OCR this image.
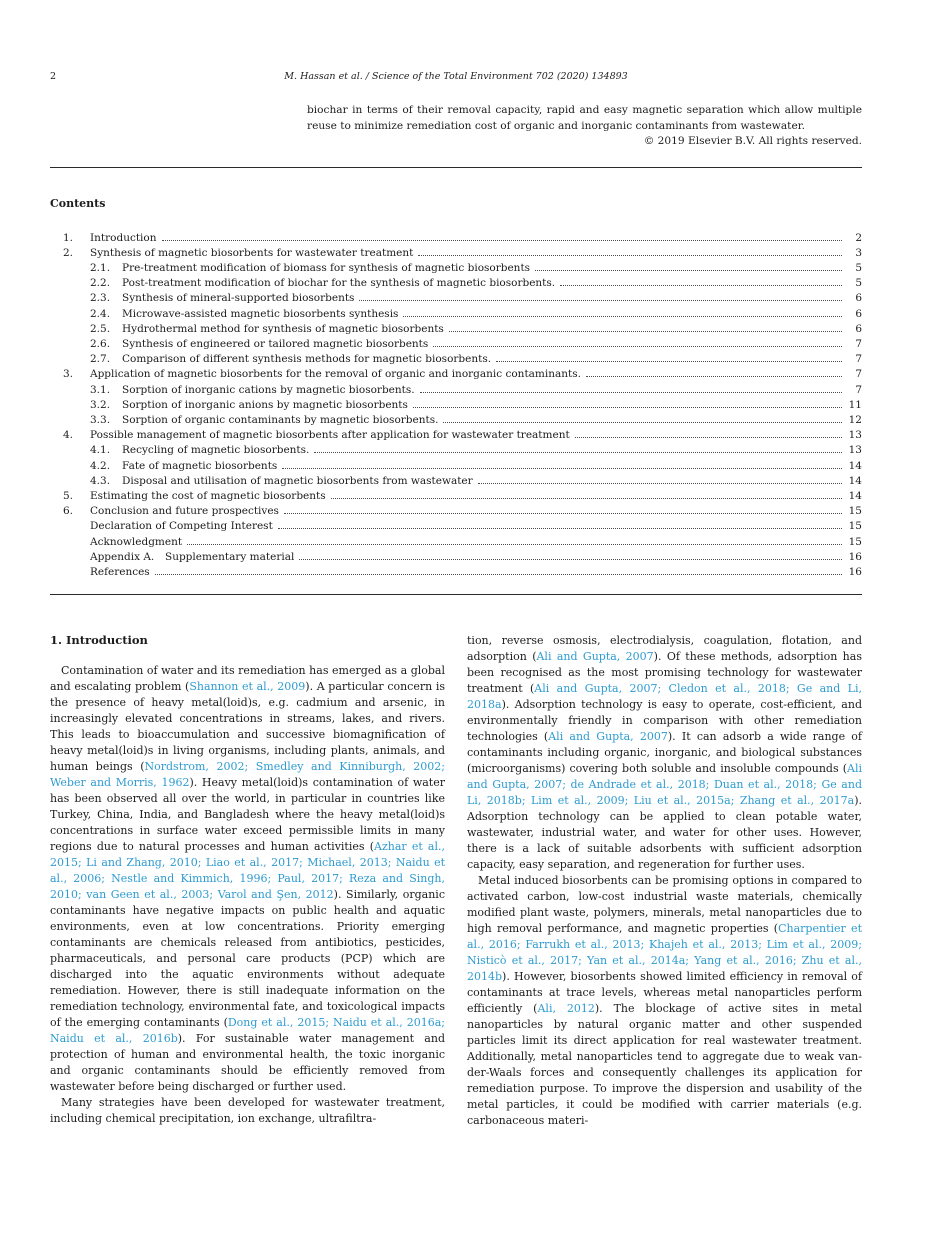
2	M. Hassan et al. / Science of the Total Environment 702 (2020) 134893

biochar in terms of their removal capacity, rapid and easy magnetic separation which allow multiple reuse to minimize remediation cost of organic and inorganic contaminants from wastewater.

© 2019 Elsevier B.V. All rights reserved.
Contents
1.	Introduction	2
2.	Synthesis of magnetic biosorbents for wastewater treatment	3
2.1.	Pre-treatment modification of biomass for synthesis of magnetic biosorbents	5
2.2.	Post-treatment modification of biochar for the synthesis of magnetic biosorbents.	5
2.3.	Synthesis of mineral-supported biosorbents	6
2.4.	Microwave-assisted magnetic biosorbents synthesis	6
2.5.	Hydrothermal method for synthesis of magnetic biosorbents	6
2.6.	Synthesis of engineered or tailored magnetic biosorbents	7
2.7.	Comparison of different synthesis methods for magnetic biosorbents.	7
3.	Application of magnetic biosorbents for the removal of organic and inorganic contaminants.	7
3.1.	Sorption of inorganic cations by magnetic biosorbents.	7
3.2.	Sorption of inorganic anions by magnetic biosorbents	11
3.3.	Sorption of organic contaminants by magnetic biosorbents.	12
4.	Possible management of magnetic biosorbents after application for wastewater treatment	13
4.1.	Recycling of magnetic biosorbents.	13
4.2.	Fate of magnetic biosorbents	14
4.3.	Disposal and utilisation of magnetic biosorbents from wastewater	14
5.	Estimating the cost of magnetic biosorbents	14
6.	Conclusion and future prospectives	15
Declaration of Competing Interest	15
Acknowledgment	15
Appendix A.	Supplementary material	16
References	16
1. Introduction

Contamination of water and its remediation has emerged as a global and escalating problem (Shannon et al., 2009). A particular concern is the presence of heavy metal(loid)s, e.g. cadmium and arsenic, in increasingly elevated concentrations in streams, lakes, and rivers. This leads to bioaccumulation and successive biomagnification of heavy metal(loid)s in living organisms, including plants, animals, and human beings (Nordstrom, 2002; Smedley and Kinniburgh, 2002; Weber and Morris, 1962). Heavy metal(loid)s contamination of water has been observed all over the world, in particular in countries like Turkey, China, India, and Bangladesh where the heavy metal(loid)s concentrations in surface water exceed permissible limits in many regions due to natural processes and human activities (Azhar et al., 2015; Li and Zhang, 2010; Liao et al., 2017; Michael, 2013; Naidu et al., 2006; Nestle and Kimmich, 1996; Paul, 2017; Reza and Singh, 2010; van Geen et al., 2003; Varol and Şen, 2012). Similarly, organic contaminants have negative impacts on public health and aquatic environments, even at low concentrations. Priority emerging contaminants are chemicals released from antibiotics, pesticides, pharmaceuticals, and personal care products (PCP) which are discharged into the aquatic environments without adequate remediation. However, there is still inadequate information on the remediation technology, environmental fate, and toxicological impacts of the emerging contaminants (Dong et al., 2015; Naidu et al., 2016a; Naidu et al., 2016b). For sustainable water management and protection of human and environmental health, the toxic inorganic and organic contaminants should be efficiently removed from wastewater before being discharged or further used.

Many strategies have been developed for wastewater treatment, including chemical precipitation, ion exchange, ultrafiltra-

tion, reverse osmosis, electrodialysis, coagulation, flotation, and adsorption (Ali and Gupta, 2007). Of these methods, adsorption has been recognised as the most promising technology for wastewater treatment (Ali and Gupta, 2007; Cledon et al., 2018; Ge and Li, 2018a). Adsorption technology is easy to operate, cost-efficient, and environmentally friendly in comparison with other remediation technologies (Ali and Gupta, 2007). It can adsorb a wide range of contaminants including organic, inorganic, and biological substances (microorganisms) covering both soluble and insoluble compounds (Ali and Gupta, 2007; de Andrade et al., 2018; Duan et al., 2018; Ge and Li, 2018b; Lim et al., 2009; Liu et al., 2015a; Zhang et al., 2017a). Adsorption technology can be applied to clean potable water, wastewater, industrial water, and water for other uses. However, there is a lack of suitable adsorbents with sufficient adsorption capacity, easy separation, and regeneration for further uses.

Metal induced biosorbents can be promising options in compared to activated carbon, low-cost industrial waste materials, chemically modified plant waste, polymers, minerals, metal nanoparticles due to high removal performance, and magnetic properties (Charpentier et al., 2016; Farrukh et al., 2013; Khajeh et al., 2013; Lim et al., 2009; Nisticò et al., 2017; Yan et al., 2014a; Yang et al., 2016; Zhu et al., 2014b). However, biosorbents showed limited efficiency in removal of contaminants at trace levels, whereas metal nanoparticles perform efficiently (Ali, 2012). The blockage of active sites in metal nanoparticles by natural organic matter and other suspended particles limit its direct application for real wastewater treatment. Additionally, metal nanoparticles tend to aggregate due to weak van-der-Waals forces and consequently challenges its application for remediation purpose. To improve the dispersion and usability of the metal particles, it could be modified with carrier materials (e.g. carbonaceous materi-
